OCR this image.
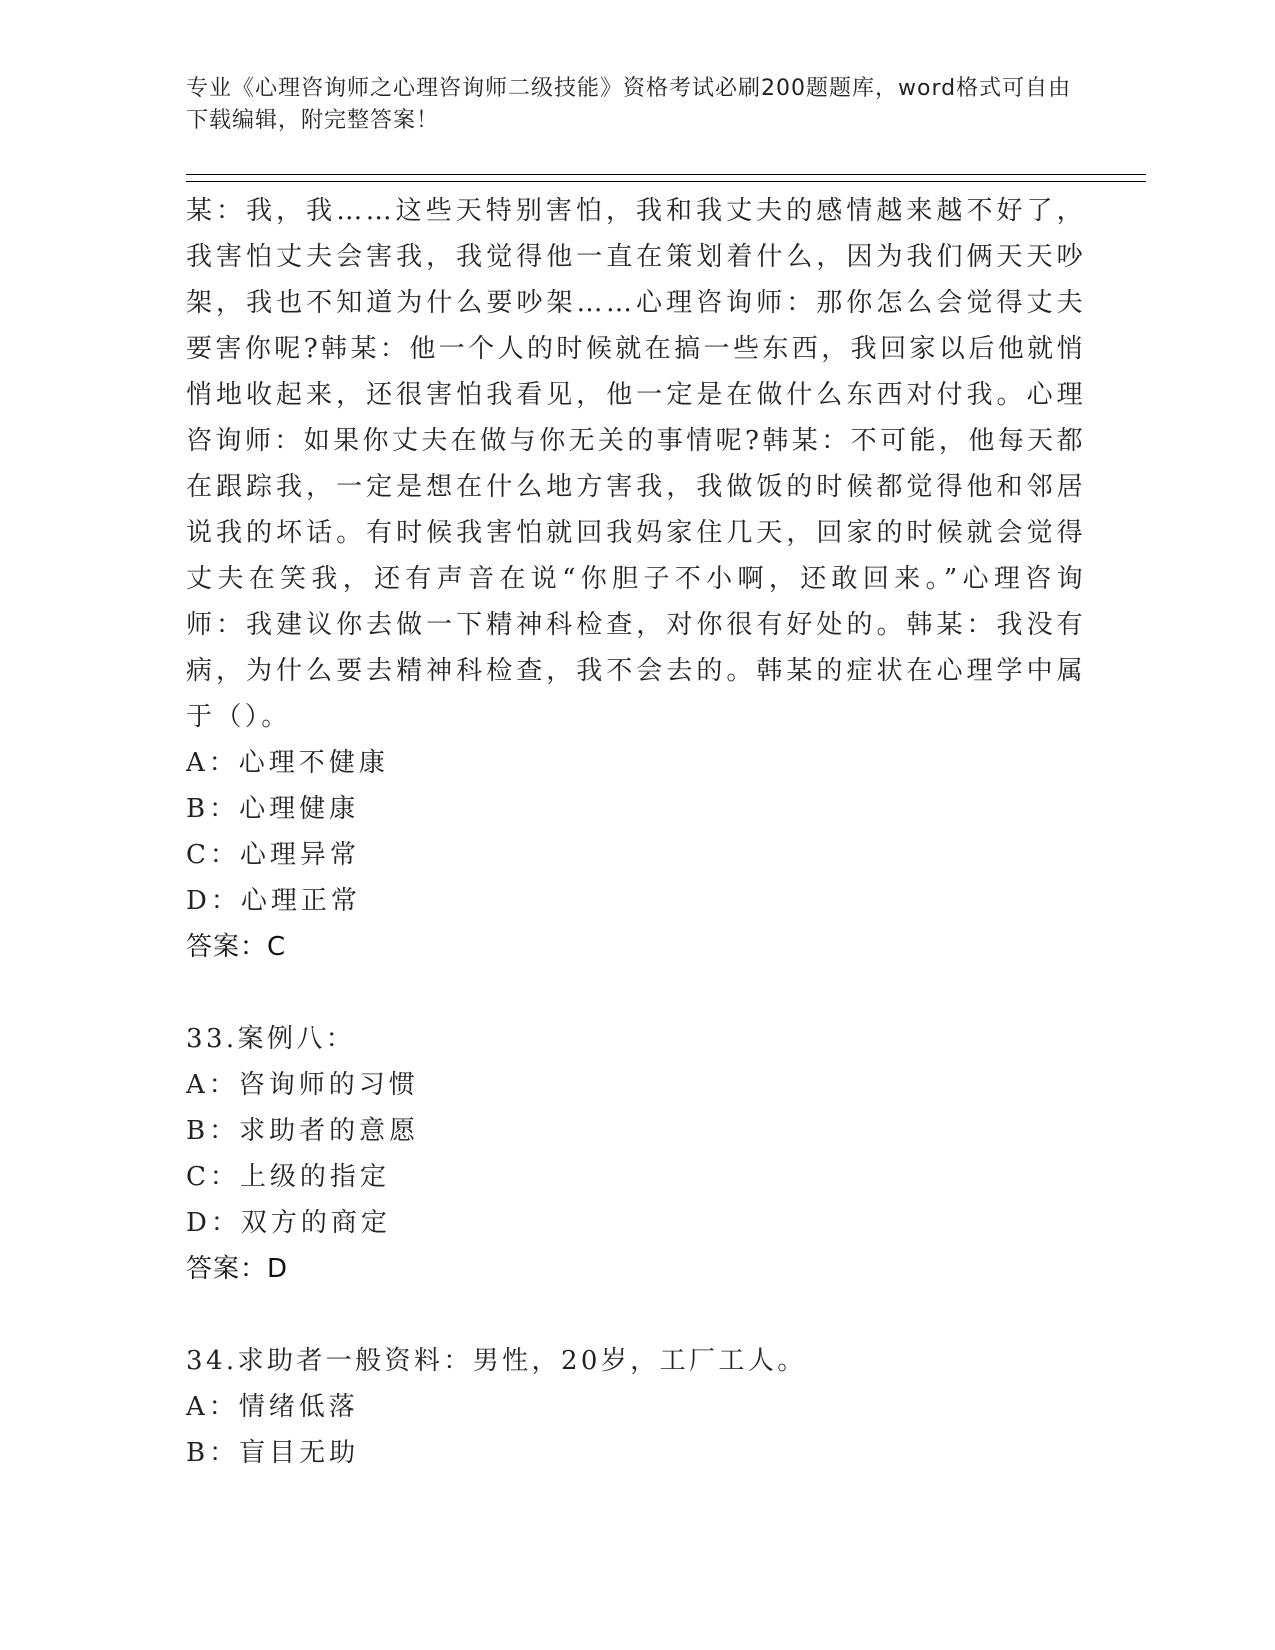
专业《心理咨询师之心理咨询师二级技能》资格考试必刷200题题库，word格式可自由下载编辑，附完整答案！

某：我，我……这些天特别害怕，我和我丈夫的感情越来越不好了，我害怕丈夫会害我，我觉得他一直在策划着什么，因为我们俩天天吵架，我也不知道为什么要吵架……心理咨询师：那你怎么会觉得丈夫要害你呢?韩某：他一个人的时候就在搞一些东西，我回家以后他就悄悄地收起来，还很害怕我看见，他一定是在做什么东西对付我。心理咨询师：如果你丈夫在做与你无关的事情呢?韩某：不可能，他每天都在跟踪我，一定是想在什么地方害我，我做饭的时候都觉得他和邻居说我的坏话。有时候我害怕就回我妈家住几天，回家的时候就会觉得丈夫在笑我，还有声音在说“你胆子不小啊，还敢回来。”心理咨询师：我建议你去做一下精神科检查，对你很有好处的。韩某：我没有病，为什么要去精神科检查，我不会去的。韩某的症状在心理学中属于（）。

A：心理不健康

B：心理健康

C：心理异常

D：心理正常

答案：C

33.案例八：

A：咨询师的习惯

B：求助者的意愿

C：上级的指定

D：双方的商定

答案：D

34.求助者一般资料：男性，20岁，工厂工人。

A：情绪低落

B：盲目无助
